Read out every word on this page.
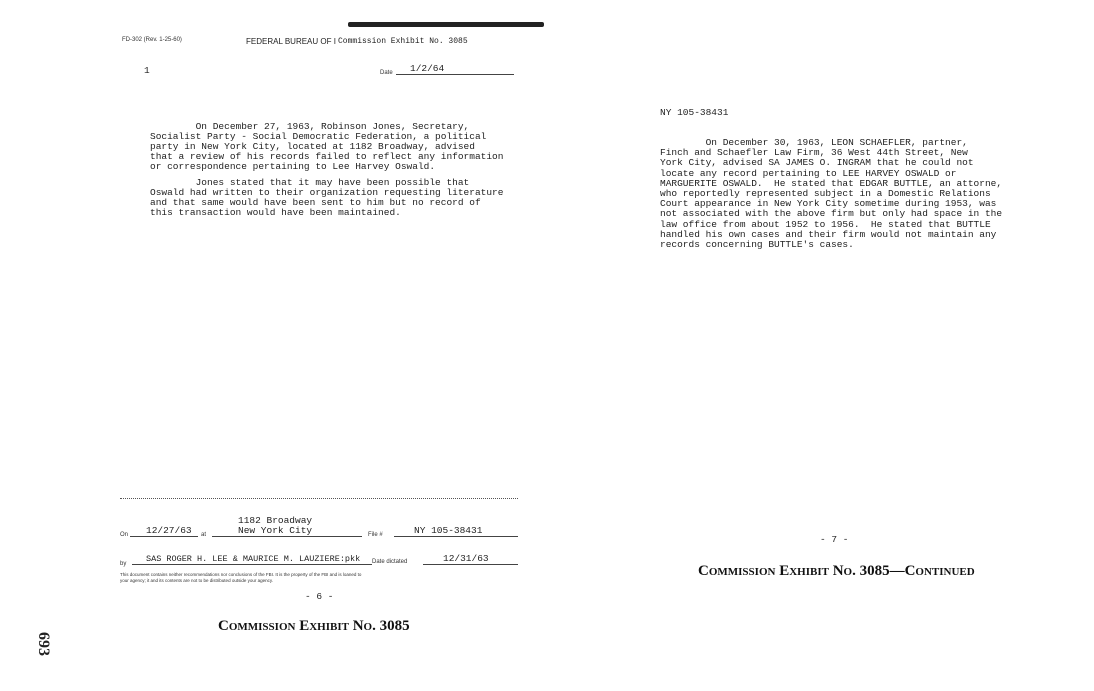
FD-302 (Rev. 1-25-60)	FEDERAL BUREAU OF I Commission Exhibit No. 3085
1	Date	1/2/64
On December 27, 1963, Robinson Jones, Secretary,
Socialist Party - Social Democratic Federation, a political
party in New York City, located at 1182 Broadway, advised
that a review of his records failed to reflect any information
or correspondence pertaining to Lee Harvey Oswald.
Jones stated that it may have been possible that
Oswald had written to their organization requesting literature
and that same would have been sent to him but no record of
this transaction would have been maintained.
On	12/27/63	at
1182 Broadway
New York City	File #	NY 105-38431
by	SAS ROGER H. LEE & MAURICE M. LAUZIERE:pkk	Date dictated	12/31/63
This document contains neither recommendations nor conclusions of the FBI. It is the property of the FBI and is loaned to
your agency; it and its contents are not to be distributed outside your agency.
- 6 -
Commission Exhibit No. 3085
693
NY 105-38431
On December 30, 1963, LEON SCHAEFLER, partner,
Finch and Schaefler Law Firm, 36 West 44th Street, New
York City, advised SA JAMES O. INGRAM that he could not
locate any record pertaining to LEE HARVEY OSWALD or
MARGUERITE OSWALD.  He stated that EDGAR BUTTLE, an attorne,
who reportedly represented subject in a Domestic Relations
Court appearance in New York City sometime during 1953, was
not associated with the above firm but only had space in the
law office from about 1952 to 1956.  He stated that BUTTLE
handled his own cases and their firm would not maintain any
records concerning BUTTLE's cases.
- 7 -
Commission Exhibit No. 3085—Continued
